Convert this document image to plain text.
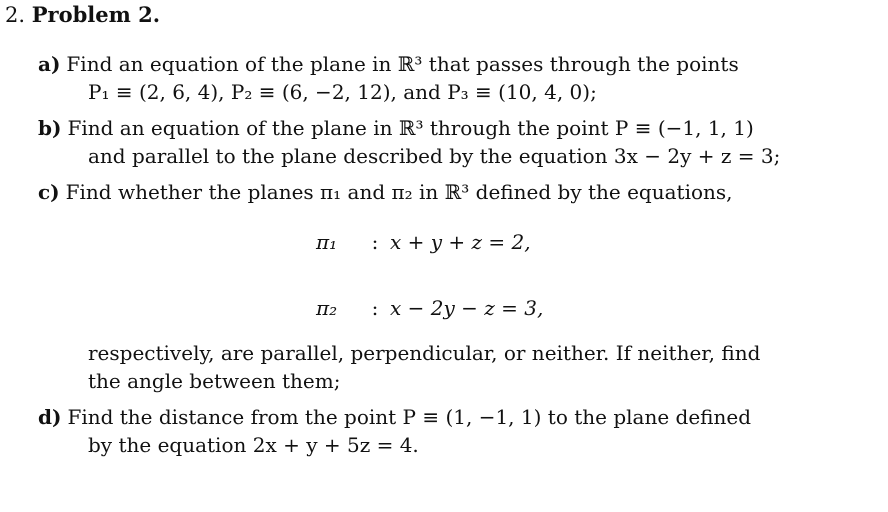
2. Problem 2.
a) Find an equation of the plane in ℝ³ that passes through the points
P₁ ≡ (2, 6, 4), P₂ ≡ (6, −2, 12), and P₃ ≡ (10, 4, 0);
b) Find an equation of the plane in ℝ³ through the point P ≡ (−1, 1, 1)
and parallel to the plane described by the equation 3x − 2y + z = 3;
c) Find whether the planes π₁ and π₂ in ℝ³ defined by the equations,
π₁ : x + y + z = 2,
π₂ : x − 2y − z = 3,
respectively, are parallel, perpendicular, or neither. If neither, find
the angle between them;
d) Find the distance from the point P ≡ (1, −1, 1) to the plane defined
by the equation 2x + y + 5z = 4.
